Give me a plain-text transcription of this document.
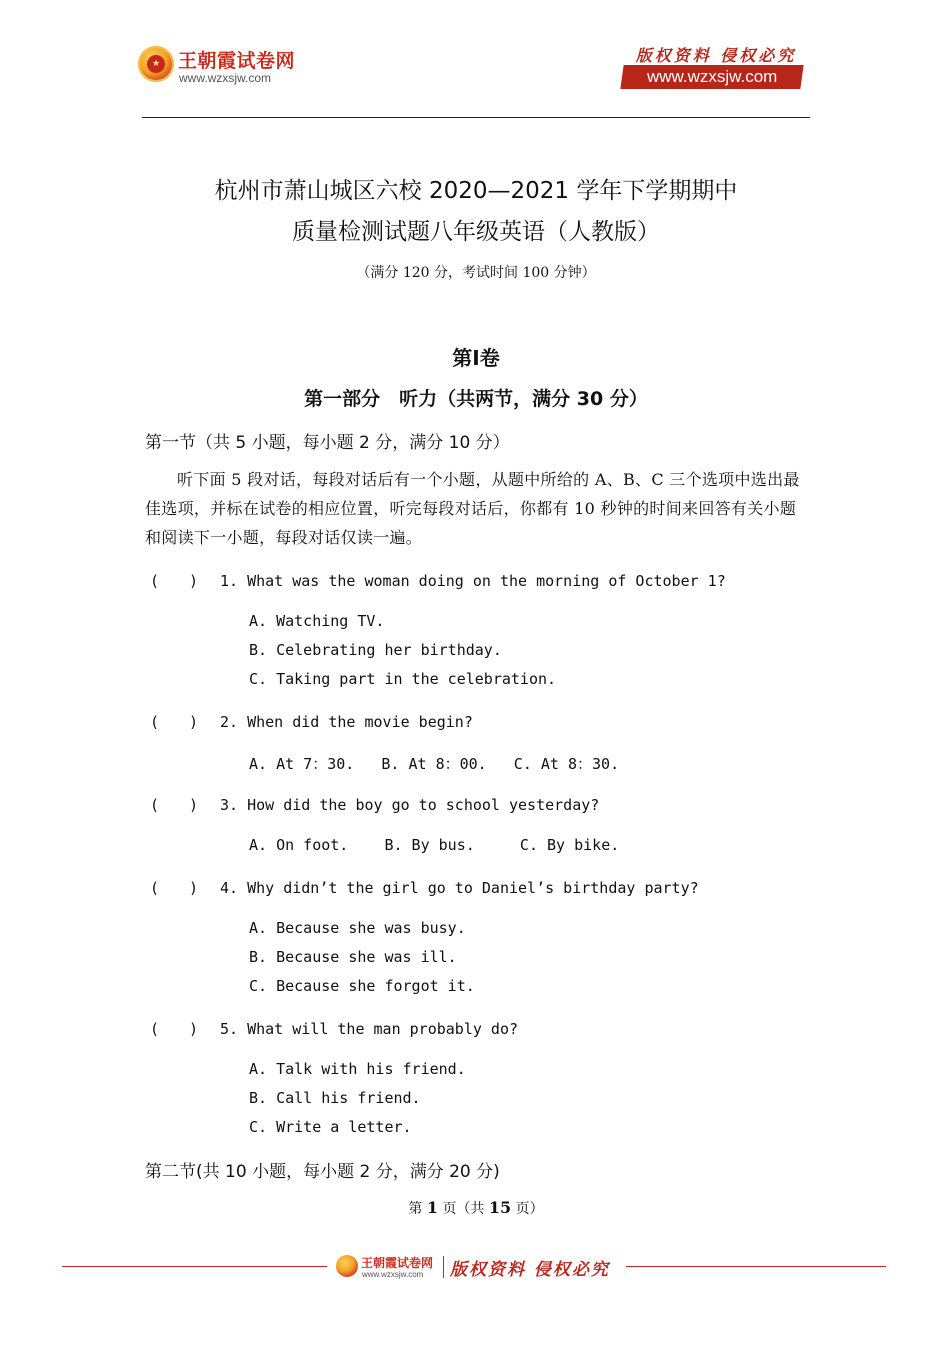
★ 王朝霞试卷网
www.wzxsjw.com
版权资料 侵权必究
www.wzxsjw.com
杭州市萧山城区六校 2020—2021 学年下学期期中
质量检测试题八年级英语（人教版）
（满分 120 分，考试时间 100 分钟）
第Ⅰ卷
第一部分　听力（共两节，满分 30 分）
第一节（共 5 小题，每小题 2 分，满分 10 分）
听下面 5 段对话，每段对话后有一个小题，从题中所给的 A、B、C 三个选项中选出最佳选项，并标在试卷的相应位置，听完每段对话后，你都有 10 秒钟的时间来回答有关小题和阅读下一小题，每段对话仅读一遍。
(　　) 1. What was the woman doing on the morning of October 1?
A. Watching TV.
B. Celebrating her birthday.
C. Taking part in the celebration.
(　　) 2. When did the movie begin?
A. At 7：30.   B. At 8：00.   C. At 8：30.
(　　) 3. How did the boy go to school yesterday?
A. On foot.    B. By bus.     C. By bike.
(　　) 4. Why didn’t the girl go to Daniel’s birthday party?
A. Because she was busy.
B. Because she was ill.
C. Because she forgot it.
(　　) 5. What will the man probably do?
A. Talk with his friend.
B. Call his friend.
C. Write a letter.
第二节(共 10 小题，每小题 2 分，满分 20 分)
第 1 页（共 15 页）
王朝霞试卷网
www.wzxsjw.com 版权资料 侵权必究
